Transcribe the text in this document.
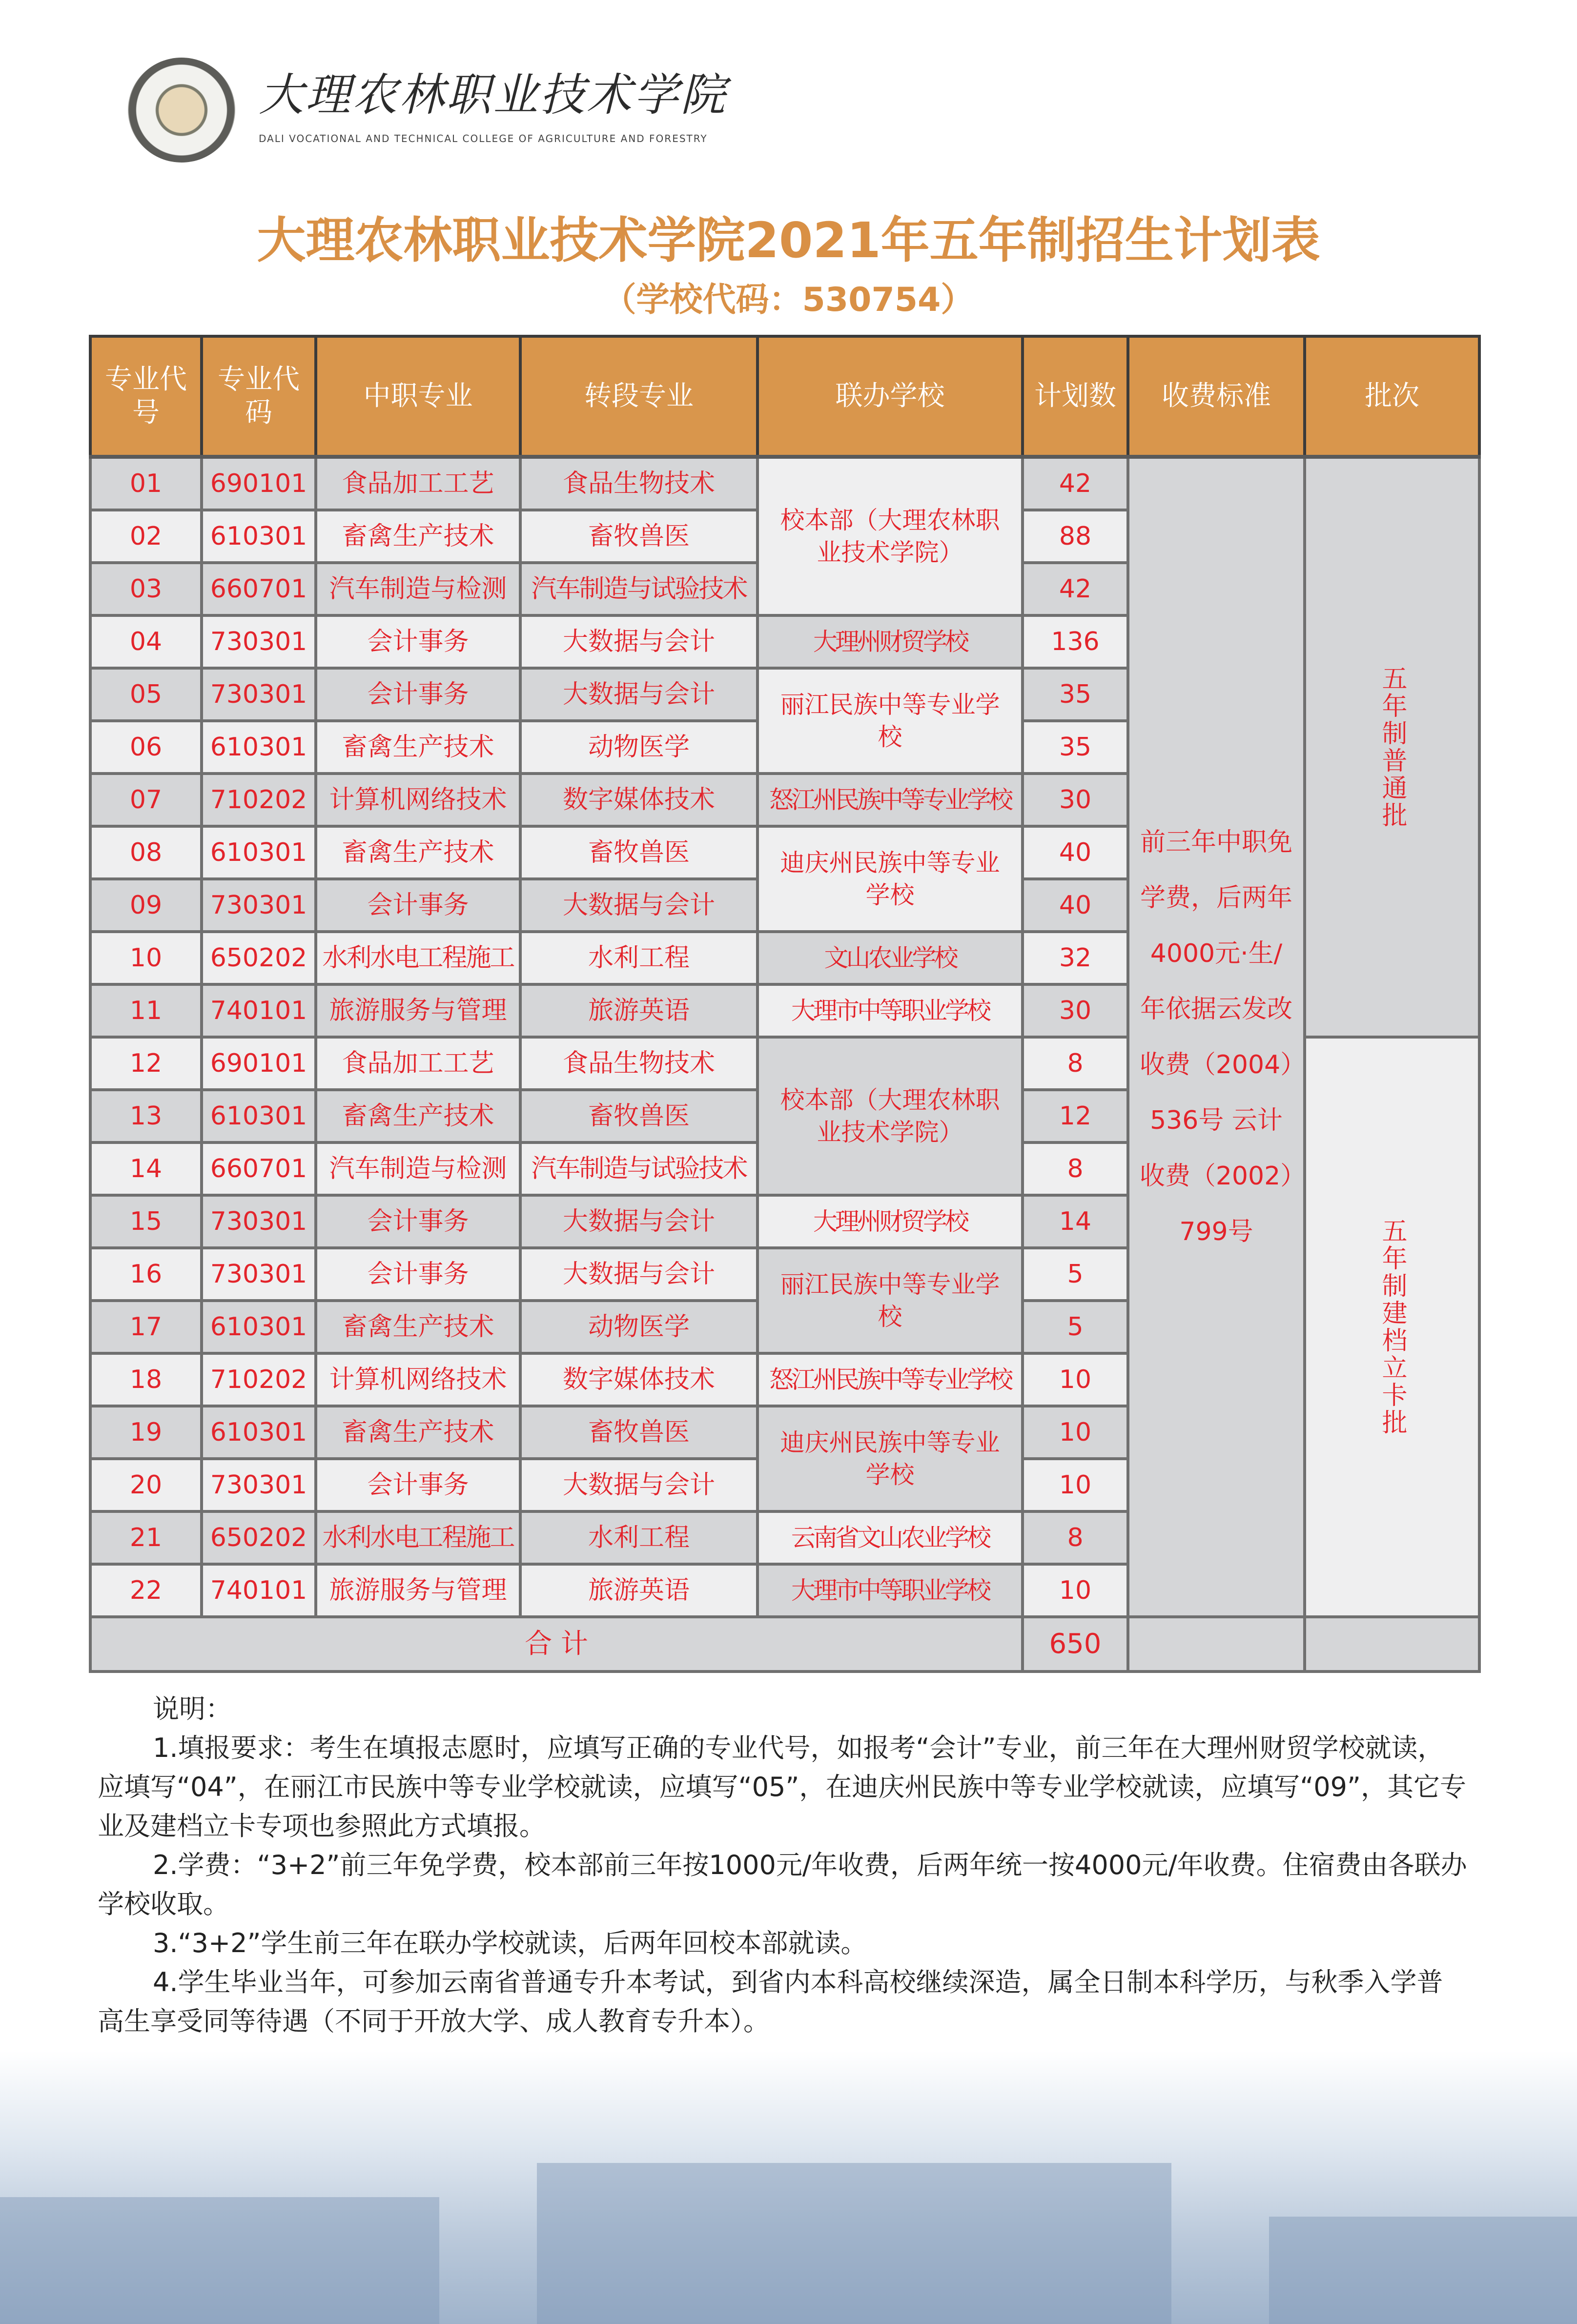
大理农林职业技术学院
DALI VOCATIONAL AND TECHNICAL COLLEGE OF AGRICULTURE AND FORESTRY
大理农林职业技术学院2021年五年制招生计划表
（学校代码：530754）
专业代号	专业代码	中职专业	转段专业	联办学校	计划数	收费标准	批次
01	690101	食品加工工艺	食品生物技术	校本部（大理农林职业技术学院）	42	前三年中职免学费，后两年4000元·生/年依据云发改收费（2004）536号 云计收费（2002）799号	五年制普通批
02	610301	畜禽生产技术	畜牧兽医		88		
03	660701	汽车制造与检测	汽车制造与试验技术		42		
04	730301	会计事务	大数据与会计	大理州财贸学校	136		
05	730301	会计事务	大数据与会计	丽江民族中等专业学校	35		
06	610301	畜禽生产技术	动物医学		35		
07	710202	计算机网络技术	数字媒体技术	怒江州民族中等专业学校	30		
08	610301	畜禽生产技术	畜牧兽医	迪庆州民族中等专业学校	40		
09	730301	会计事务	大数据与会计		40		
10	650202	水利水电工程施工	水利工程	文山农业学校	32		
11	740101	旅游服务与管理	旅游英语	大理市中等职业学校	30		
12	690101	食品加工工艺	食品生物技术	校本部（大理农林职业技术学院）	8		五年制建档立卡批
13	610301	畜禽生产技术	畜牧兽医		12		
14	660701	汽车制造与检测	汽车制造与试验技术		8		
15	730301	会计事务	大数据与会计	大理州财贸学校	14		
16	730301	会计事务	大数据与会计	丽江民族中等专业学校	5		
17	610301	畜禽生产技术	动物医学		5		
18	710202	计算机网络技术	数字媒体技术	怒江州民族中等专业学校	10		
19	610301	畜禽生产技术	畜牧兽医	迪庆州民族中等专业学校	10		
20	730301	会计事务	大数据与会计		10		
21	650202	水利水电工程施工	水利工程	云南省文山农业学校	8		
22	740101	旅游服务与管理	旅游英语	大理市中等职业学校	10		
合 计					650		

说明：

1.填报要求：考生在填报志愿时，应填写正确的专业代号，如报考“会计”专业，前三年在大理州财贸学校就读，应填写“04”，在丽江市民族中等专业学校就读，应填写“05”，在迪庆州民族中等专业学校就读，应填写“09”，其它专业及建档立卡专项也参照此方式填报。

2.学费：“3+2”前三年免学费，校本部前三年按1000元/年收费，后两年统一按4000元/年收费。住宿费由各联办学校收取。

3.“3+2”学生前三年在联办学校就读，后两年回校本部就读。

4.学生毕业当年，可参加云南省普通专升本考试，到省内本科高校继续深造，属全日制本科学历，与秋季入学普高生享受同等待遇（不同于开放大学、成人教育专升本）。
